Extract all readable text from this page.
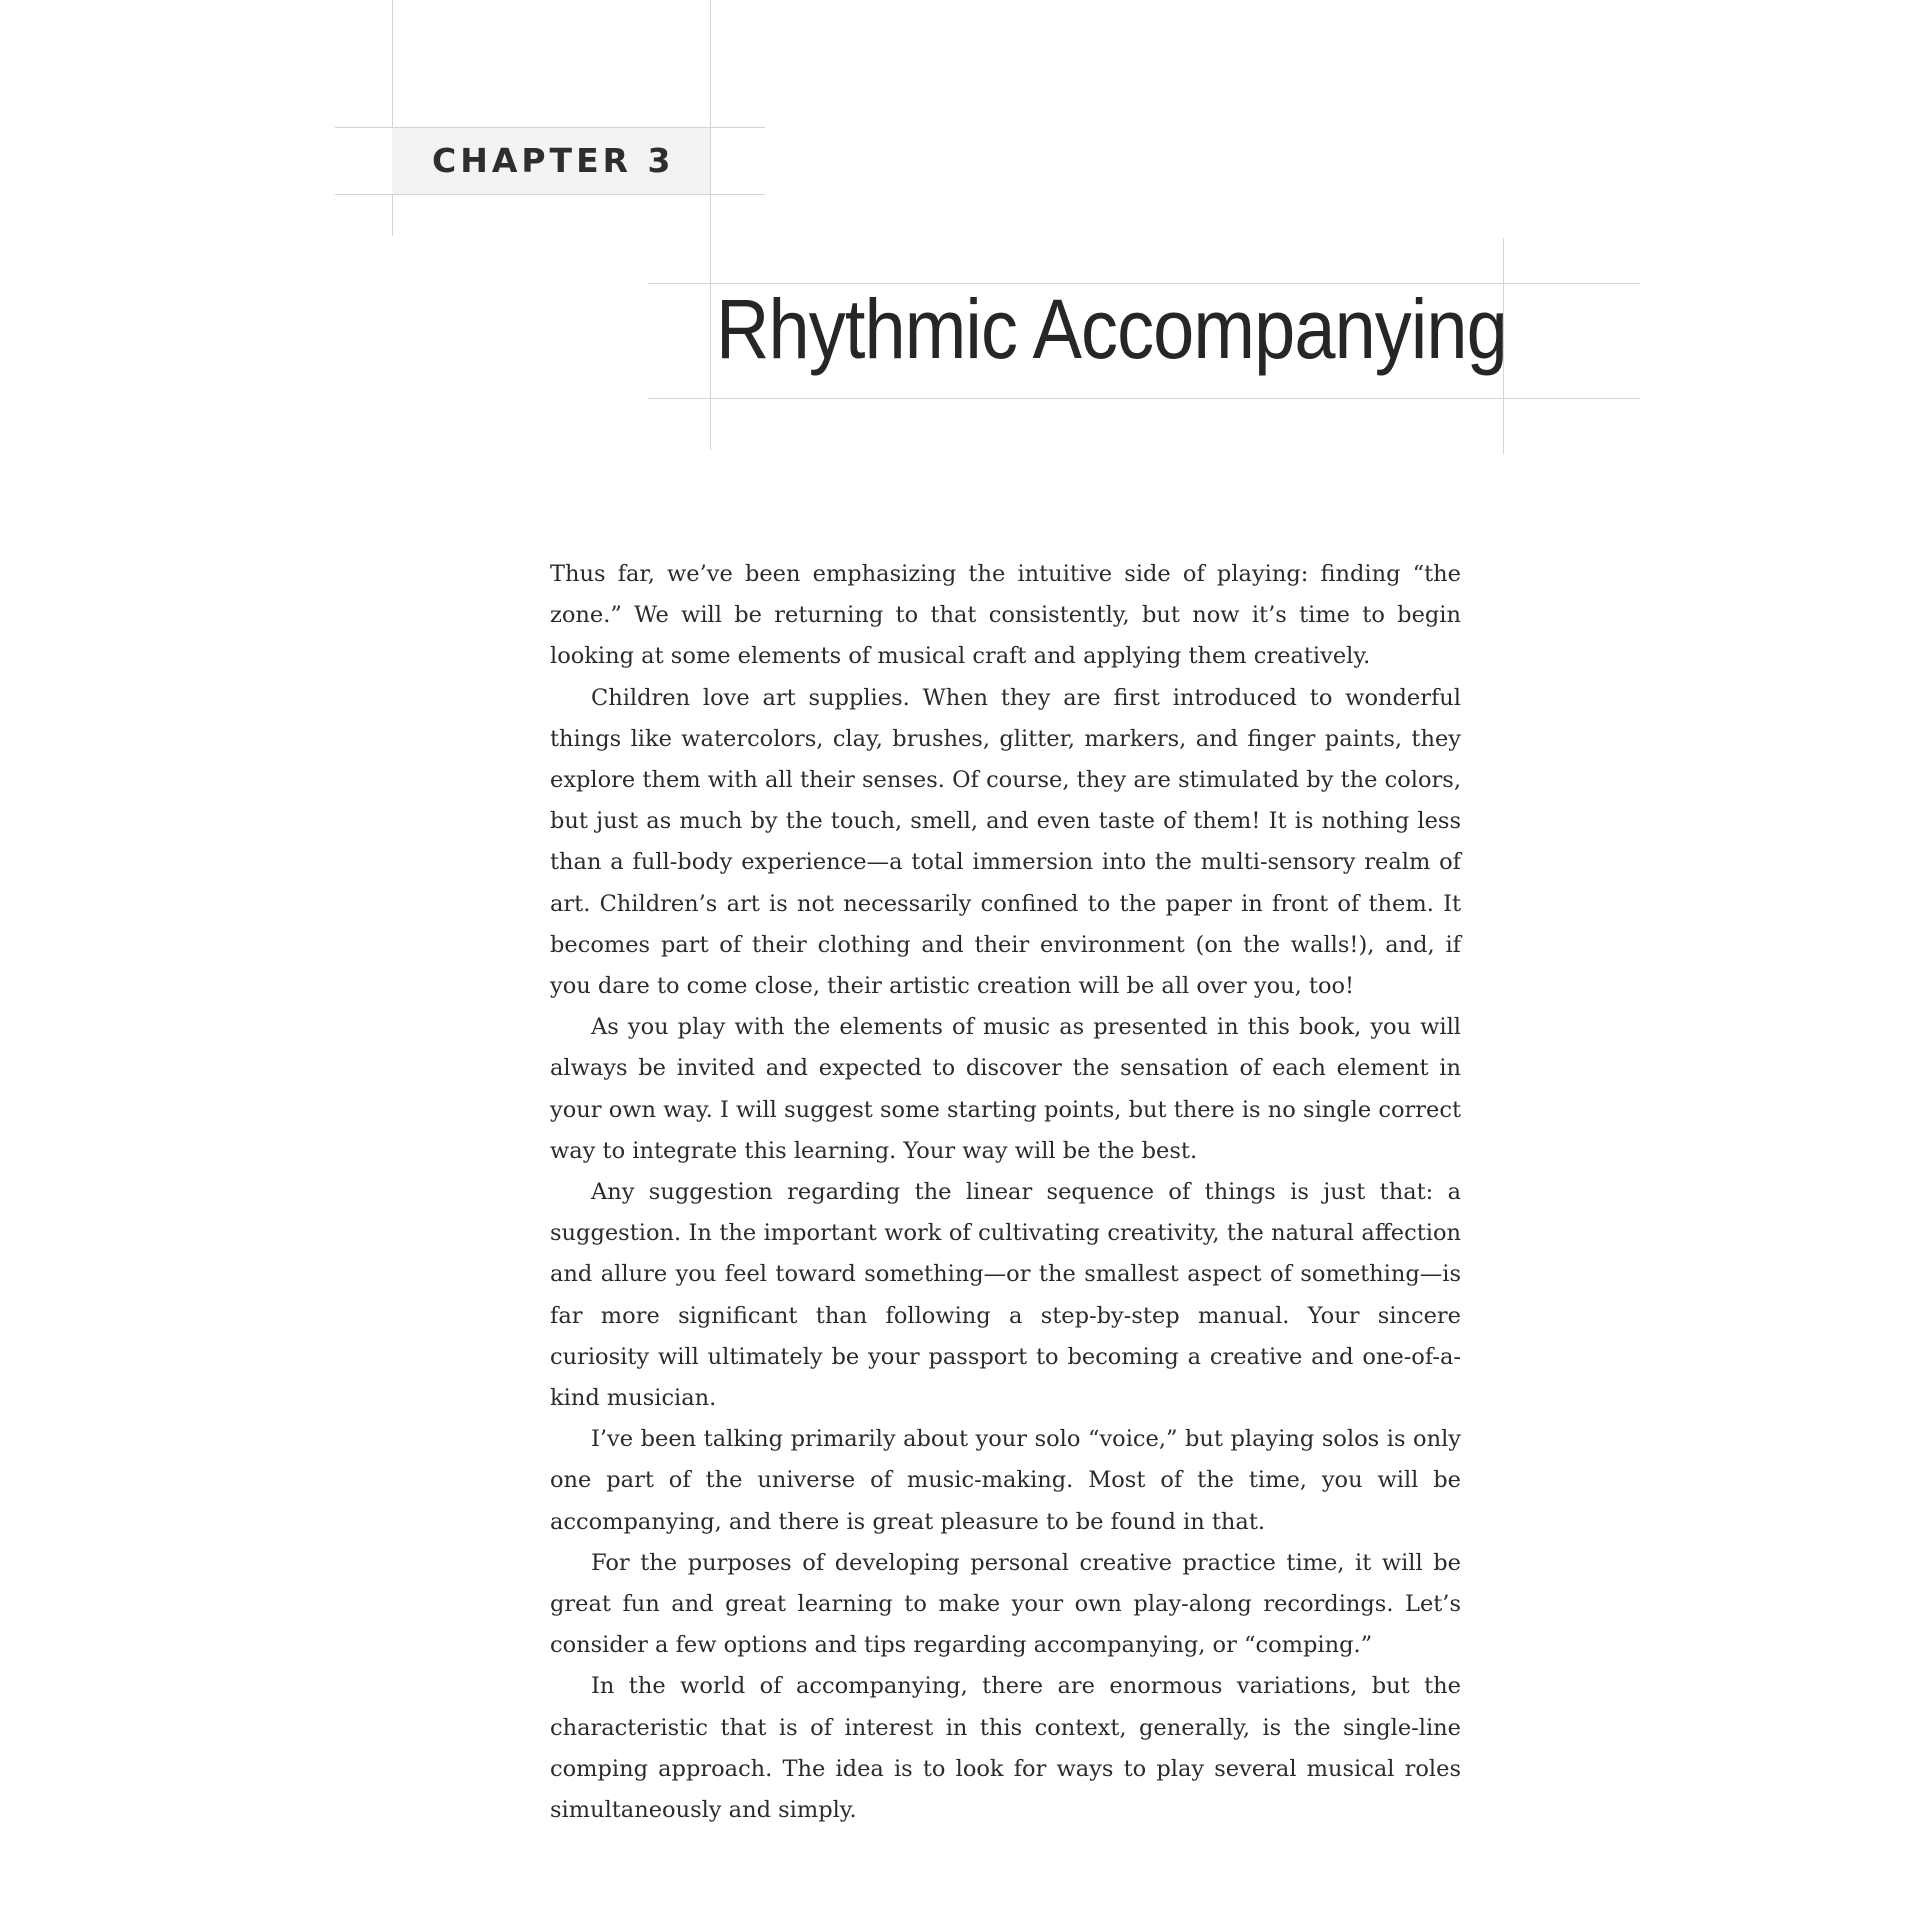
CHAPTER 3
Rhythmic Accompanying

Thus far, we’ve been emphasizing the intuitive side of playing: finding “the zone.” We will be returning to that consistently, but now it’s time to begin looking at some elements of musical craft and applying them creatively.

Children love art supplies. When they are first introduced to wonderful things like watercolors, clay, brushes, glitter, markers, and finger paints, they explore them with all their senses. Of course, they are stimulated by the colors, but just as much by the touch, smell, and even taste of them! It is nothing less than a full-body experience—a total immersion into the multi-sensory realm of art. Children’s art is not necessarily confined to the paper in front of them. It becomes part of their clothing and their environment (on the walls!), and, if you dare to come close, their artistic creation will be all over you, too!

As you play with the elements of music as presented in this book, you will always be invited and expected to discover the sensation of each element in your own way. I will suggest some starting points, but there is no single correct way to integrate this learning. Your way will be the best.

Any suggestion regarding the linear sequence of things is just that: a suggestion. In the important work of cultivating creativity, the natural affection and allure you feel toward something—or the smallest aspect of something—is far more significant than following a step-by-step manual. Your sincere curiosity will ultimately be your passport to becoming a creative and one-of-a-kind musician.

I’ve been talking primarily about your solo “voice,” but playing solos is only one part of the universe of music-making. Most of the time, you will be accompanying, and there is great pleasure to be found in that.

For the purposes of developing personal creative practice time, it will be great fun and great learning to make your own play-along recordings. Let’s consider a few options and tips regarding accompanying, or “comping.”

In the world of accompanying, there are enormous variations, but the characteristic that is of interest in this context, generally, is the single-line comping approach. The idea is to look for ways to play several musical roles simultaneously and simply.
